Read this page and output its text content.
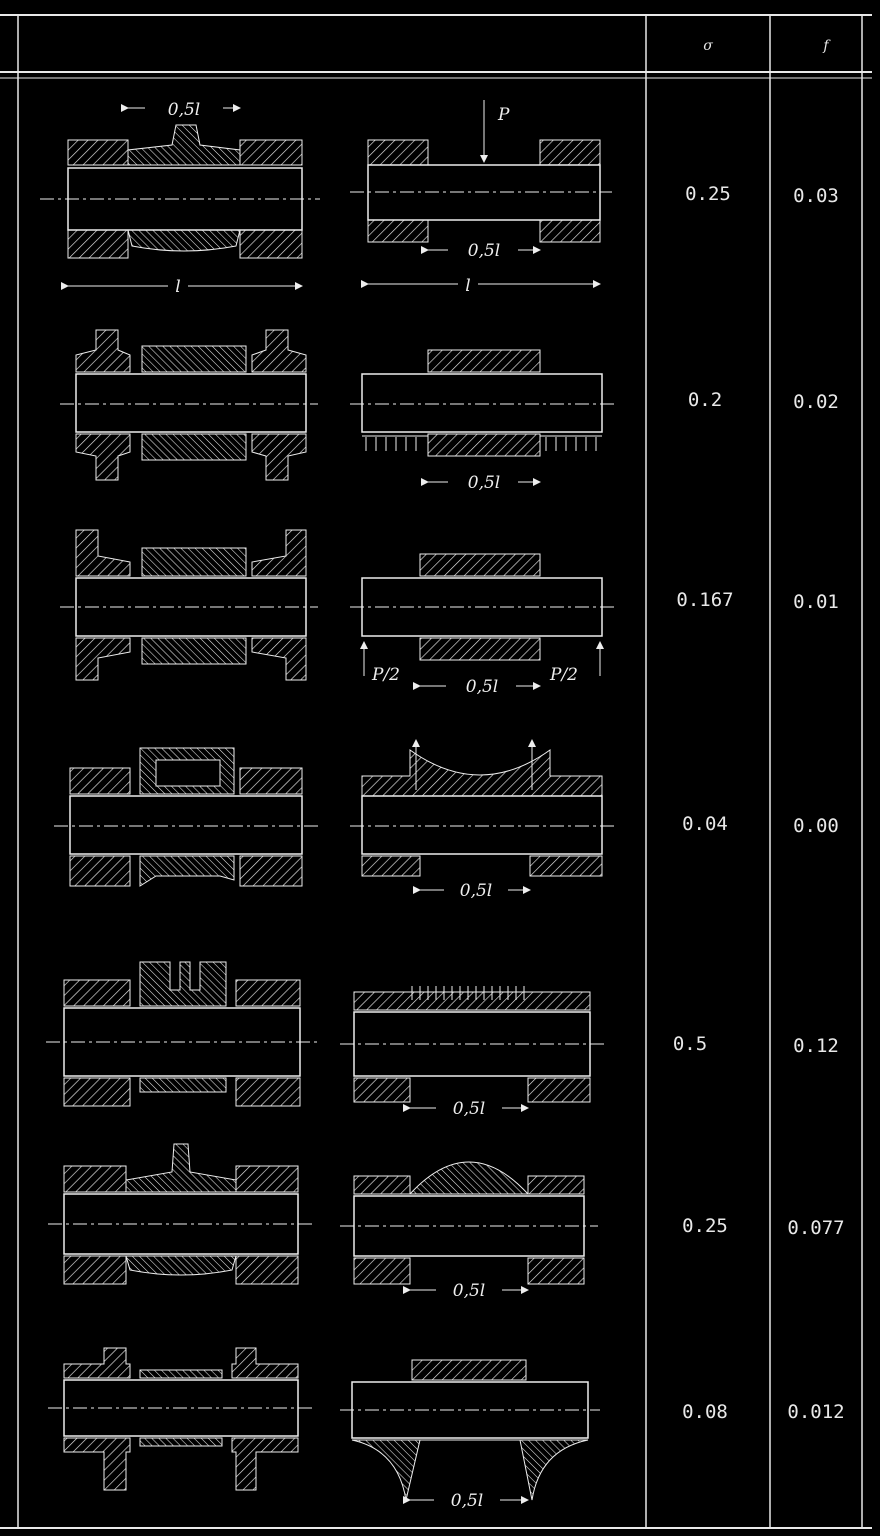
σ	f
0,5l
l
P
0,5l
l
0.25	0.03
0,5l
0.2	0.02
P/2	P/2
0,5l
0.167	0.01
0,5l
0.04	0.00
0,5l
0.5	0.12
0,5l
0.25	0.077
0,5l
0.08	0.012
